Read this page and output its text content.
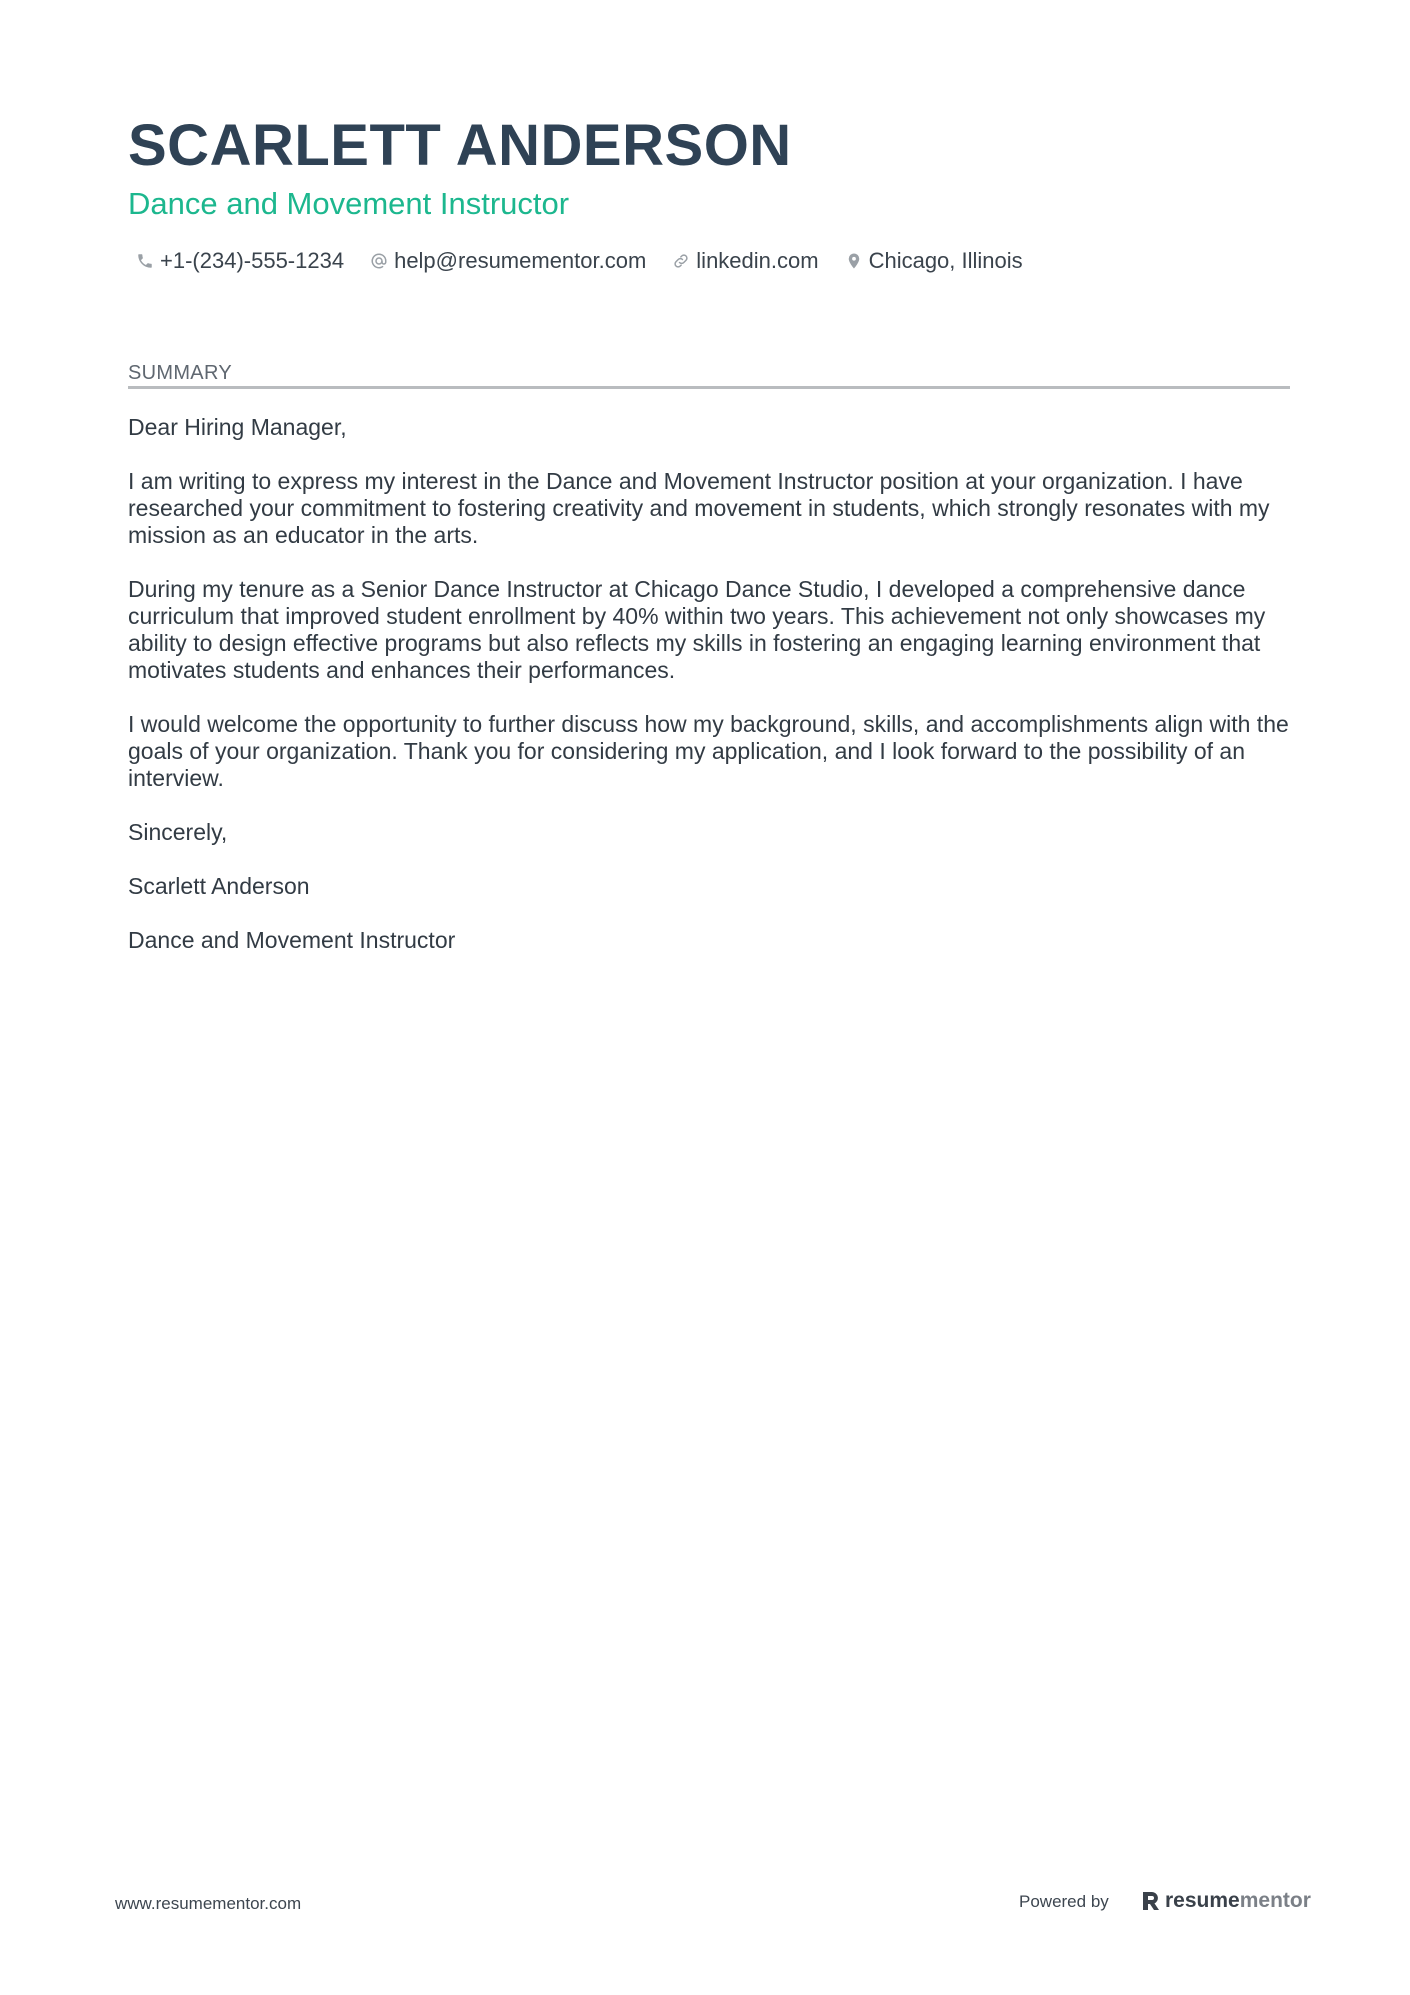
SCARLETT ANDERSON
Dance and Movement Instructor
+1-(234)-555-1234 help@resumementor.com linkedin.com Chicago, Illinois
SUMMARY

Dear Hiring Manager,

I am writing to express my interest in the Dance and Movement Instructor position at your organization. I have researched your commitment to fostering creativity and movement in students, which strongly resonates with my mission as an educator in the arts.

During my tenure as a Senior Dance Instructor at Chicago Dance Studio, I developed a comprehensive dance curriculum that improved student enrollment by 40% within two years. This achievement not only showcases my ability to design effective programs but also reflects my skills in fostering an engaging learning environment that motivates students and enhances their performances.

I would welcome the opportunity to further discuss how my background, skills, and accomplishments align with the goals of your organization. Thank you for considering my application, and I look forward to the possibility of an interview.

Sincerely,

Scarlett Anderson

Dance and Movement Instructor

www.resumementor.com	Powered by	resume mentor
